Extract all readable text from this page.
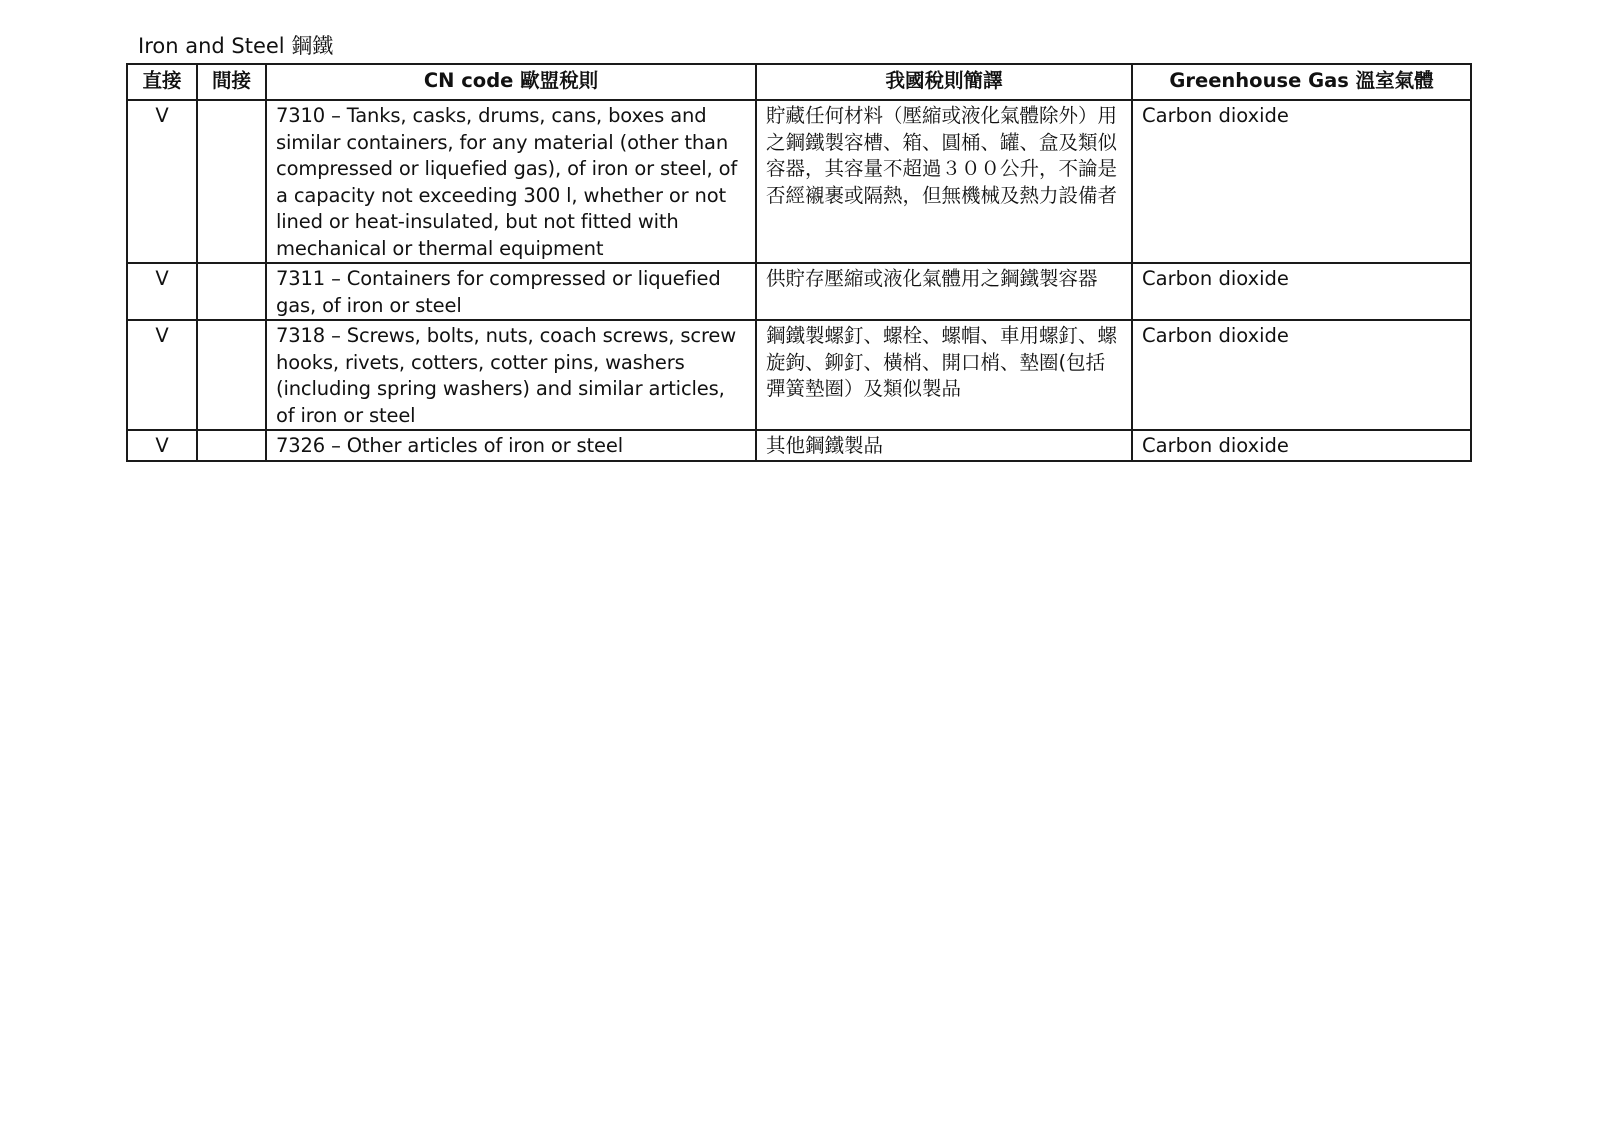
Iron and Steel 鋼鐵
直接	間接	CN code 歐盟稅則	我國稅則簡譯	Greenhouse Gas 溫室氣體
V		7310 – Tanks, casks, drums, cans, boxes and similar containers, for any material (other than compressed or liquefied gas), of iron or steel, of a capacity not exceeding 300 l, whether or not lined or heat-insulated, but not fitted with mechanical or thermal equipment	貯藏任何材料（壓縮或液化氣體除外）用之鋼鐵製容槽、箱、圓桶、罐、盒及類似容器，其容量不超過３００公升，不論是否經襯裹或隔熱，但無機械及熱力設備者	Carbon dioxide
V		7311 – Containers for compressed or liquefied gas, of iron or steel	供貯存壓縮或液化氣體用之鋼鐵製容器	Carbon dioxide
V		7318 – Screws, bolts, nuts, coach screws, screw hooks, rivets, cotters, cotter pins, washers (including spring washers) and similar articles, of iron or steel	鋼鐵製螺釘、螺栓、螺帽、車用螺釘、螺旋鉤、鉚釘、橫梢、開口梢、墊圈(包括彈簧墊圈）及類似製品	Carbon dioxide
V		7326 – Other articles of iron or steel	其他鋼鐵製品	Carbon dioxide
